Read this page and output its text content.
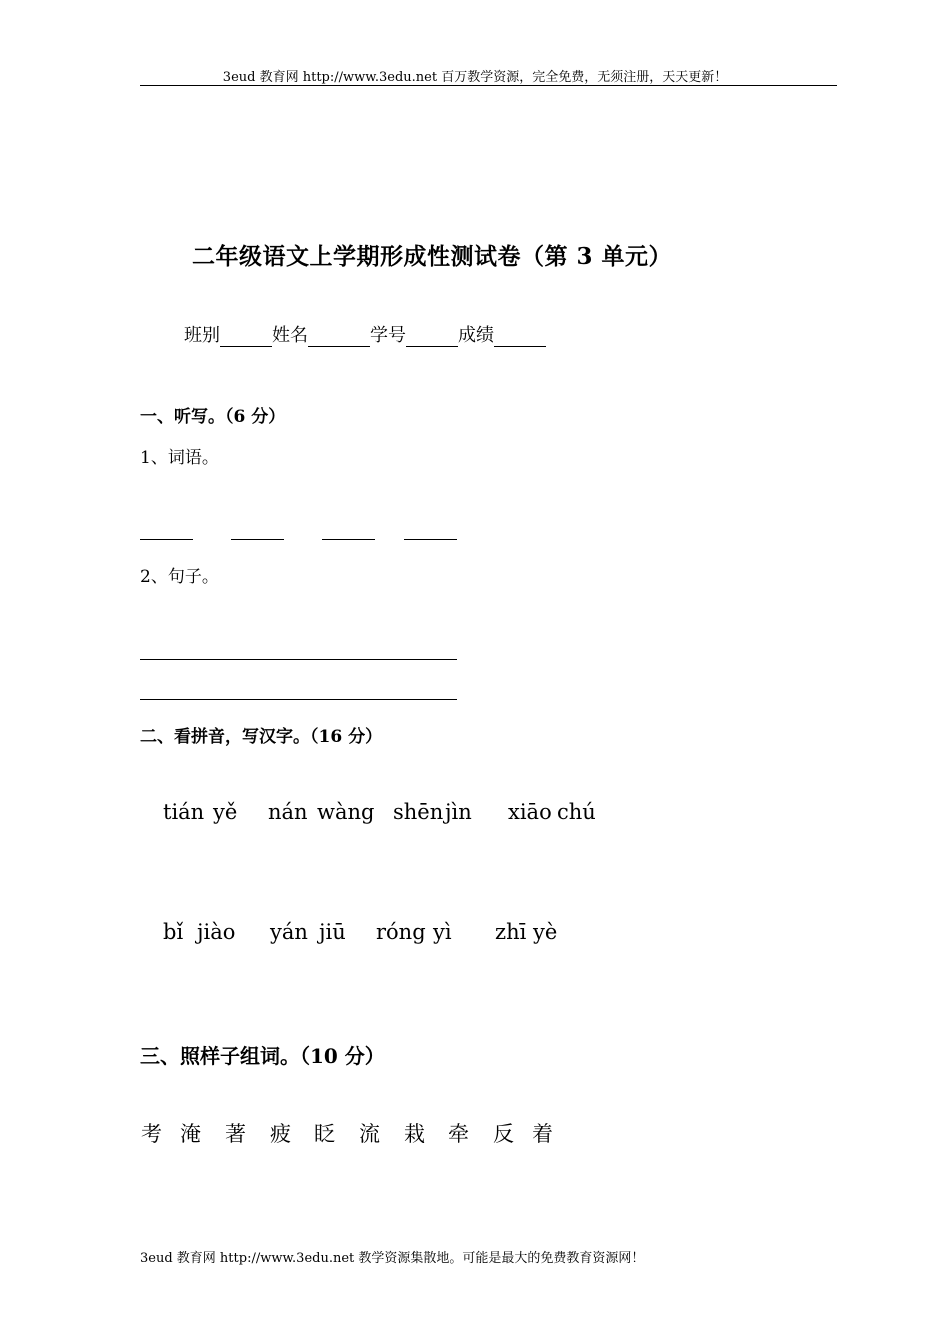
3eud 教育网 http://www.3edu.net 百万教学资源，完全免费，无须注册，天天更新！
二年级语文上学期形成性测试卷（第 3 单元）
班别	姓名	学号	成绩
一、听写。（6 分）
1、词语。
2、句子。
二、看拼音，写汉字。（16 分）
tián yě nán wàng shēn jìn xiāo chú
bǐ jiào yán jiū róng yì zhī yè
三、照样子组词。（10 分）
考 淹 著 疲 眨 流 栽 牵 反 着
3eud 教育网 http://www.3edu.net 教学资源集散地。可能是最大的免费教育资源网！
